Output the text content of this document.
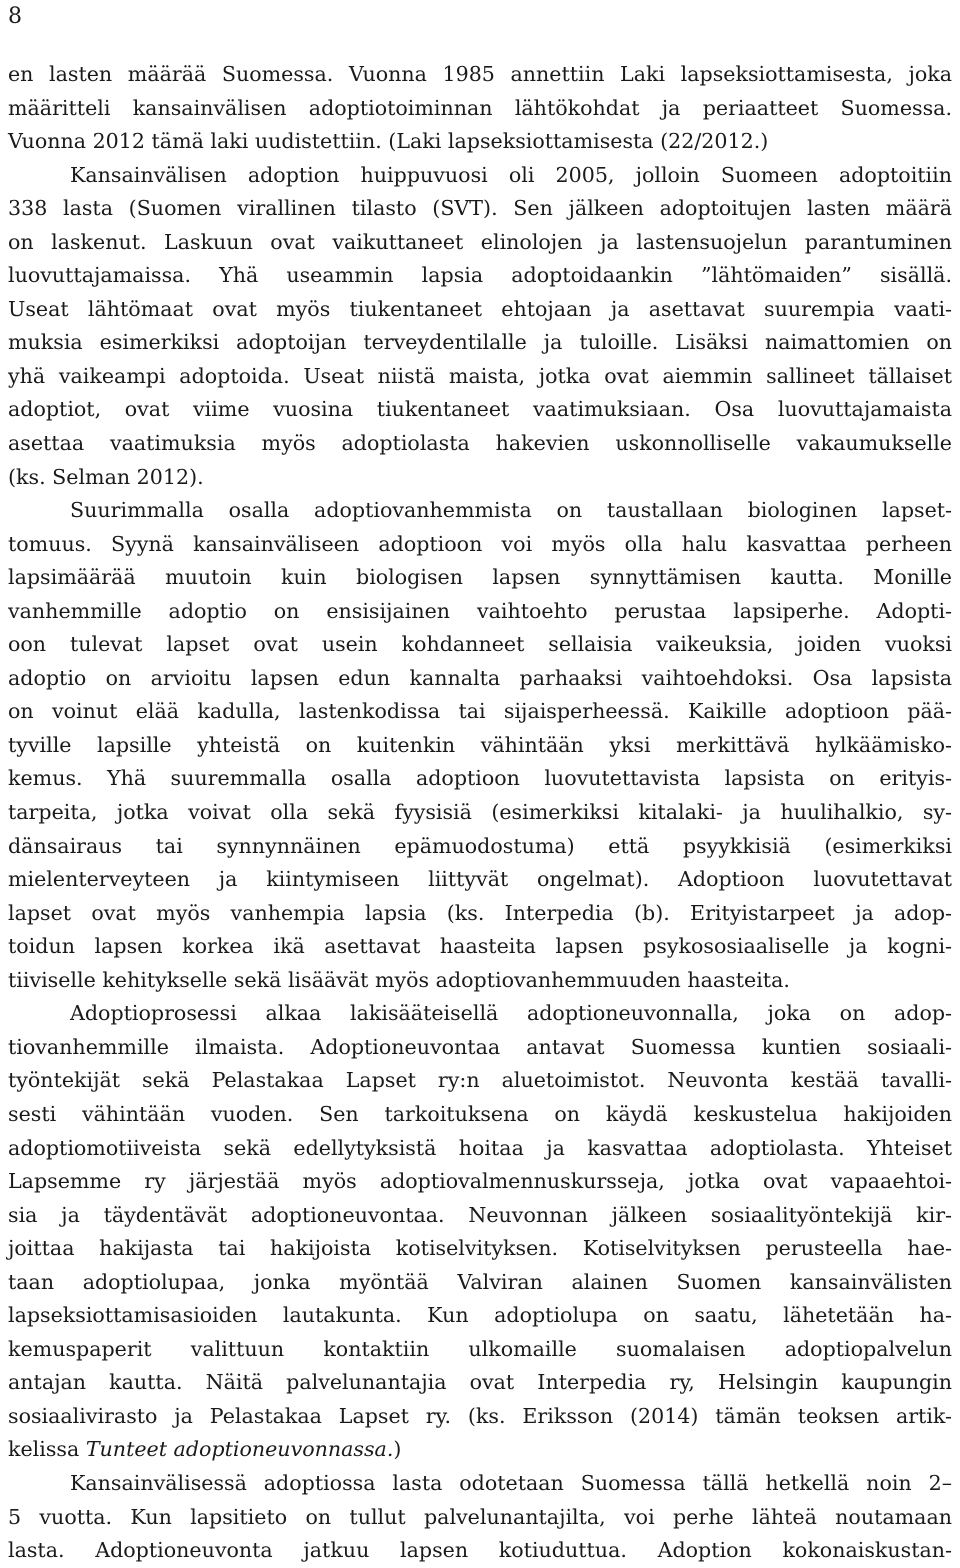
8
en lasten määrää Suomessa. Vuonna 1985 annettiin Laki lapseksiottamisesta, joka
määritteli kansainvälisen adoptiotoiminnan lähtökohdat ja periaatteet Suomessa.
Vuonna 2012 tämä laki uudistettiin. (Laki lapseksiottamisesta (22/2012.)
Kansainvälisen adoption huippuvuosi oli 2005, jolloin Suomeen adoptoitiin
338 lasta (Suomen virallinen tilasto (SVT). Sen jälkeen adoptoitujen lasten määrä
on laskenut. Laskuun ovat vaikuttaneet elinolojen ja lastensuojelun parantuminen
luovuttajamaissa. Yhä useammin lapsia adoptoidaankin ”lähtömaiden” sisällä.
Useat lähtömaat ovat myös tiukentaneet ehtojaan ja asettavat suurempia vaati-
muksia esimerkiksi adoptoijan terveydentilalle ja tuloille. Lisäksi naimattomien on
yhä vaikeampi adoptoida. Useat niistä maista, jotka ovat aiemmin sallineet tällaiset
adoptiot, ovat viime vuosina tiukentaneet vaatimuksiaan. Osa luovuttajamaista
asettaa vaatimuksia myös adoptiolasta hakevien uskonnolliselle vakaumukselle
(ks. Selman 2012).
Suurimmalla osalla adoptiovanhemmista on taustallaan biologinen lapset-
tomuus. Syynä kansainväliseen adoptioon voi myös olla halu kasvattaa perheen
lapsimäärää muutoin kuin biologisen lapsen synnyttämisen kautta. Monille
vanhemmille adoptio on ensisijainen vaihtoehto perustaa lapsiperhe. Adopti-
oon tulevat lapset ovat usein kohdanneet sellaisia vaikeuksia, joiden vuoksi
adoptio on arvioitu lapsen edun kannalta parhaaksi vaihtoehdoksi. Osa lapsista
on voinut elää kadulla, lastenkodissa tai sijaisperheessä. Kaikille adoptioon pää-
tyville lapsille yhteistä on kuitenkin vähintään yksi merkittävä hylkäämisko-
kemus. Yhä suuremmalla osalla adoptioon luovutettavista lapsista on erityis-
tarpeita, jotka voivat olla sekä fyysisiä (esimerkiksi kitalaki- ja huulihalkio, sy-
dänsairaus tai synnynnäinen epämuodostuma) että psyykkisiä (esimerkiksi
mielenterveyteen ja kiintymiseen liittyvät ongelmat). Adoptioon luovutettavat
lapset ovat myös vanhempia lapsia (ks. Interpedia (b). Erityistarpeet ja adop-
toidun lapsen korkea ikä asettavat haasteita lapsen psykososiaaliselle ja kogni-
tiiviselle kehitykselle sekä lisäävät myös adoptiovanhemmuuden haasteita.
Adoptioprosessi alkaa lakisääteisellä adoptioneuvonnalla, joka on adop-
tiovanhemmille ilmaista. Adoptioneuvontaa antavat Suomessa kuntien sosiaali-
työntekijät sekä Pelastakaa Lapset ry:n aluetoimistot. Neuvonta kestää tavalli-
sesti vähintään vuoden. Sen tarkoituksena on käydä keskustelua hakijoiden
adoptiomotiiveista sekä edellytyksistä hoitaa ja kasvattaa adoptiolasta. Yhteiset
Lapsemme ry järjestää myös adoptiovalmennuskursseja, jotka ovat vapaaehtoi-
sia ja täydentävät adoptioneuvontaa. Neuvonnan jälkeen sosiaalityöntekijä kir-
joittaa hakijasta tai hakijoista kotiselvityksen. Kotiselvityksen perusteella hae-
taan adoptiolupaa, jonka myöntää Valviran alainen Suomen kansainvälisten
lapseksiottamisasioiden lautakunta. Kun adoptiolupa on saatu, lähetetään ha-
kemuspaperit valittuun kontaktiin ulkomaille suomalaisen adoptiopalvelun
antajan kautta. Näitä palvelunantajia ovat Interpedia ry, Helsingin kaupungin
sosiaalivirasto ja Pelastakaa Lapset ry. (ks. Eriksson (2014) tämän teoksen artik-
kelissa Tunteet adoptioneuvonnassa.)
Kansainvälisessä adoptiossa lasta odotetaan Suomessa tällä hetkellä noin 2–
5 vuotta. Kun lapsitieto on tullut palvelunantajilta, voi perhe lähteä noutamaan
lasta. Adoptioneuvonta jatkuu lapsen kotiuduttua. Adoption kokonaiskustan-
